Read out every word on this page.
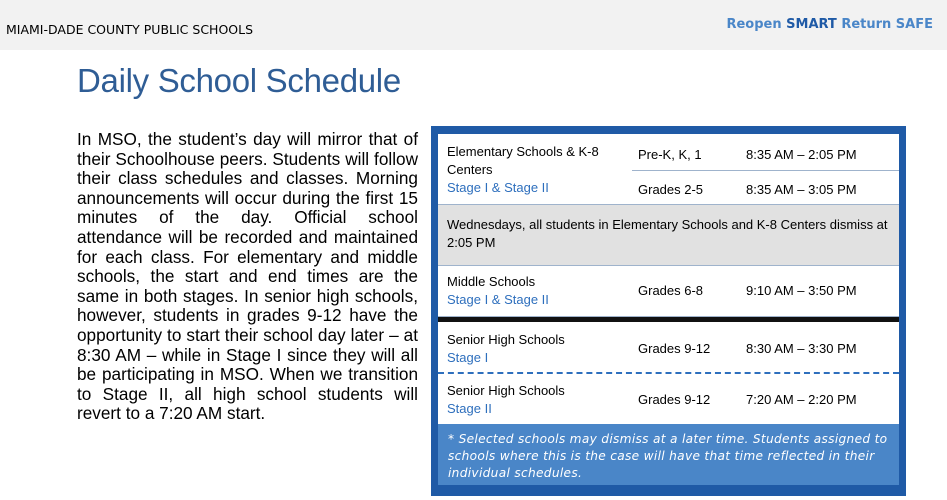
MIAMI-DADE COUNTY PUBLIC SCHOOLS	Reopen SMART Return SAFE
Daily School Schedule

In MSO, the student’s day will mirror that of their Schoolhouse peers. Students will follow their class schedules and classes. Morning announcements will occur during the first 15 minutes of the day. Official school attendance will be recorded and maintained for each class. For elementary and middle schools, the start and end times are the same in both stages. In senior high schools, however, students in grades 9-12 have the opportunity to start their school day later – at 8:30 AM – while in Stage I since they will all be participating in MSO. When we transition to Stage II, all high school students will revert to a 7:20 AM start.

Elementary Schools & K-8 Centers
Stage I & Stage II
Pre-K, K, 1	8:35 AM – 2:05 PM
Grades 2-5	8:35 AM – 3:05 PM
Wednesdays, all students in Elementary Schools and K-8 Centers dismiss at 2:05 PM
Middle Schools
Stage I & Stage II
Grades 6-8	9:10 AM – 3:50 PM
Senior High Schools
Stage I
Grades 9-12	8:30 AM – 3:30 PM
Senior High Schools
Stage II
Grades 9-12	7:20 AM – 2:20 PM
* Selected schools may dismiss at a later time. Students assigned to schools where this is the case will have that time reflected in their individual schedules.
